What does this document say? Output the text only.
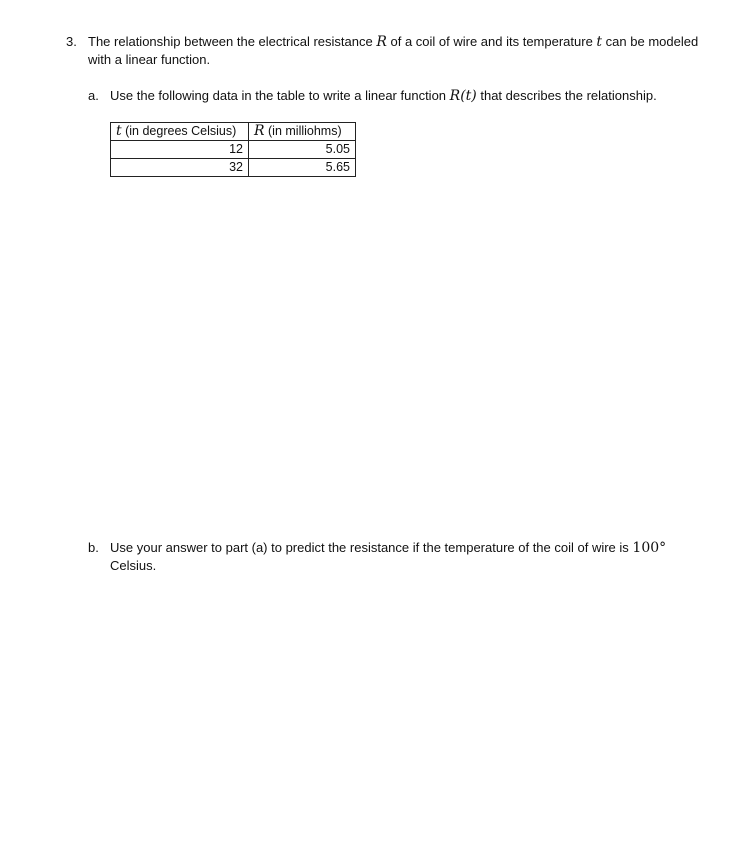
3. The relationship between the electrical resistance R of a coil of wire and its temperature t can be modeled with a linear function.
a. Use the following data in the table to write a linear function R(t) that describes the relationship.
t (in degrees Celsius)	R (in milliohms)
12	5.05
32	5.65
b. Use your answer to part (a) to predict the resistance if the temperature of the coil of wire is 100° Celsius.
